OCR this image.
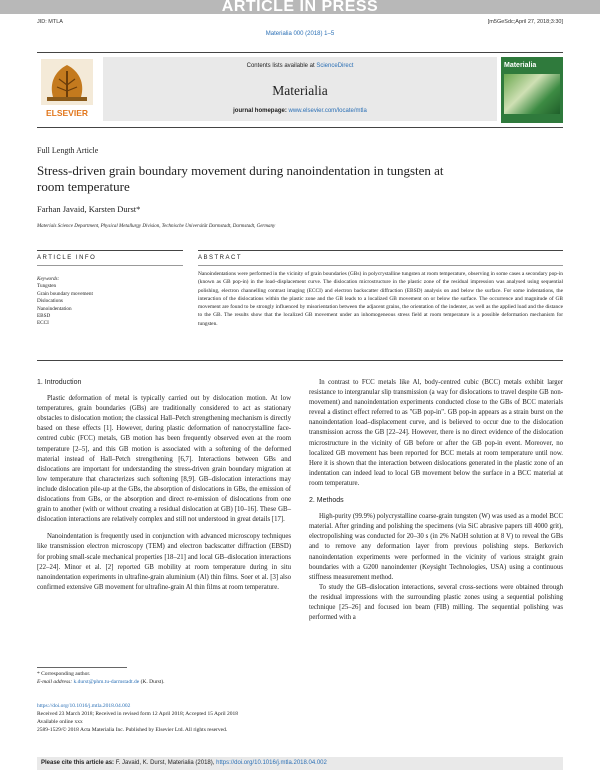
ARTICLE IN PRESS
JID: MTLA	[m5GeSdc;April 27, 2018;3:30]
Materialia 000 (2018) 1–5
ELSEVIER
Contents lists available at ScienceDirect
Materialia
journal homepage: www.elsevier.com/locate/mtla
Materialia
Full Length Article
Stress-driven grain boundary movement during nanoindentation in tungsten at room temperature
Farhan Javaid, Karsten Durst*
Materials Science Department, Physical Metallurgy Division, Technische Universität Darmstadt, Darmstadt, Germany
ARTICLE INFO	ABSTRACT
Keywords:
Tungsten
Grain boundary movement
Dislocations
Nanoindentation
EBSD
ECCI
Nanoindentations were performed in the vicinity of grain boundaries (GBs) in polycrystalline tungsten at room temperature, observing in some cases a secondary pop-in (known as GB pop-in) in the load–displacement curve. The dislocation microstructure in the plastic zone of the residual impression was analysed using sequential polishing, electron channelling contrast imaging (ECCI) and electron backscatter diffraction (EBSD) analysis on and below the surface. For some indentations, the interaction of the dislocations within the plastic zone and the GB leads to a localized GB movement on or below the surface. The occurrence and magnitude of GB movement are found to be strongly influenced by misorientation between the adjacent grains, the orientation of the indenter, as well as the applied load and the distance to the GB. The results show that the localized GB movement under an inhomogeneous stress field at room temperature is a possible deformation mechanism for tungsten.
1. Introduction

Plastic deformation of metal is typically carried out by dislocation motion. At low temperatures, grain boundaries (GBs) are traditionally considered to act as stationary obstacles to dislocation motion; the classical Hall–Petch strengthening mechanism is directly based on these effects [1]. However, during plastic deformation of nanocrystalline face-centred cubic (FCC) metals, GB motion has been frequently observed even at the room temperature [2–5], and this GB motion is associated with a softening of the deformed material instead of Hall–Petch strengthening [6,7]. Interactions between GBs and dislocations are important for understanding the stress-driven grain boundary migration at low temperature that characterizes such softening [8,9]. GB–dislocation interactions may include dislocation pile-up at the GBs, the absorption of dislocations in GBs, the emission of dislocations from GBs, or the absorption and direct re-emission of dislocations from one grain to another (with or without creating a residual dislocation at GB) [10–16]. These GB–dislocation interactions are relatively complex and still not understood in great details [17].

Nanoindentation is frequently used in conjunction with advanced microscopy techniques like transmission electron microscopy (TEM) and electron backscatter diffraction (EBSD) for probing small-scale mechanical properties [18–21] and local GB–dislocation interactions [22–24]. Minor et al. [2] reported GB mobility at room temperature during in situ nanoindentation experiments in ultrafine-grain aluminium (Al) thin films. Soer et al. [3] also confirmed extensive GB movement for ultrafine-grain Al thin films at room temperature.

In contrast to FCC metals like Al, body-centred cubic (BCC) metals exhibit larger resistance to intergranular slip transmission (a way for dislocations to travel despite GB non-movement) and nanoindentation experiments conducted close to the GBs of BCC materials reveal a distinct effect referred to as "GB pop-in". GB pop-in appears as a strain burst on the nanoindentation load–displacement curve, and is believed to occur due to the dislocation transmission across the GB [22–24]. However, there is no direct evidence of the dislocation microstructure in the vicinity of GB before or after the GB pop-in event. Moreover, no localized GB movement has been reported for BCC metals at room temperature until now. Here it is shown that the interaction between dislocations generated in the plastic zone of an indentation can indeed lead to local GB movement below the surface in a BCC material at room temperature.

2. Methods

High-purity (99.9%) polycrystalline coarse-grain tungsten (W) was used as a model BCC material. After grinding and polishing the specimens (via SiC abrasive papers till 4000 grit), electropolishing was conducted for 20–30 s (in 2% NaOH solution at 8 V) to reveal the GBs and to remove any deformation layer from previous polishing steps. Berkovich nanoindentation experiments were performed in the vicinity of various straight grain boundaries with a G200 nanoindenter (Keysight Technologies, USA) using a continuous stiffness measurement method.

To study the GB–dislocation interactions, several cross-sections were obtained through the residual impressions with the surrounding plastic zones using a sequential polishing technique [25–26] and focused ion beam (FIB) milling. The sequential polishing was performed with a

* Corresponding author.
E-mail address: k.durst@phm.tu-darmstadt.de (K. Durst).
https://doi.org/10.1016/j.mtla.2018.04.002
Received 23 March 2018; Received in revised form 12 April 2018; Accepted 15 April 2018
Available online xxx
2589-1529/© 2018 Acta Materialia Inc. Published by Elsevier Ltd. All rights reserved.
Please cite this article as: F. Javaid, K. Durst, Materialia (2018), https://doi.org/10.1016/j.mtla.2018.04.002
